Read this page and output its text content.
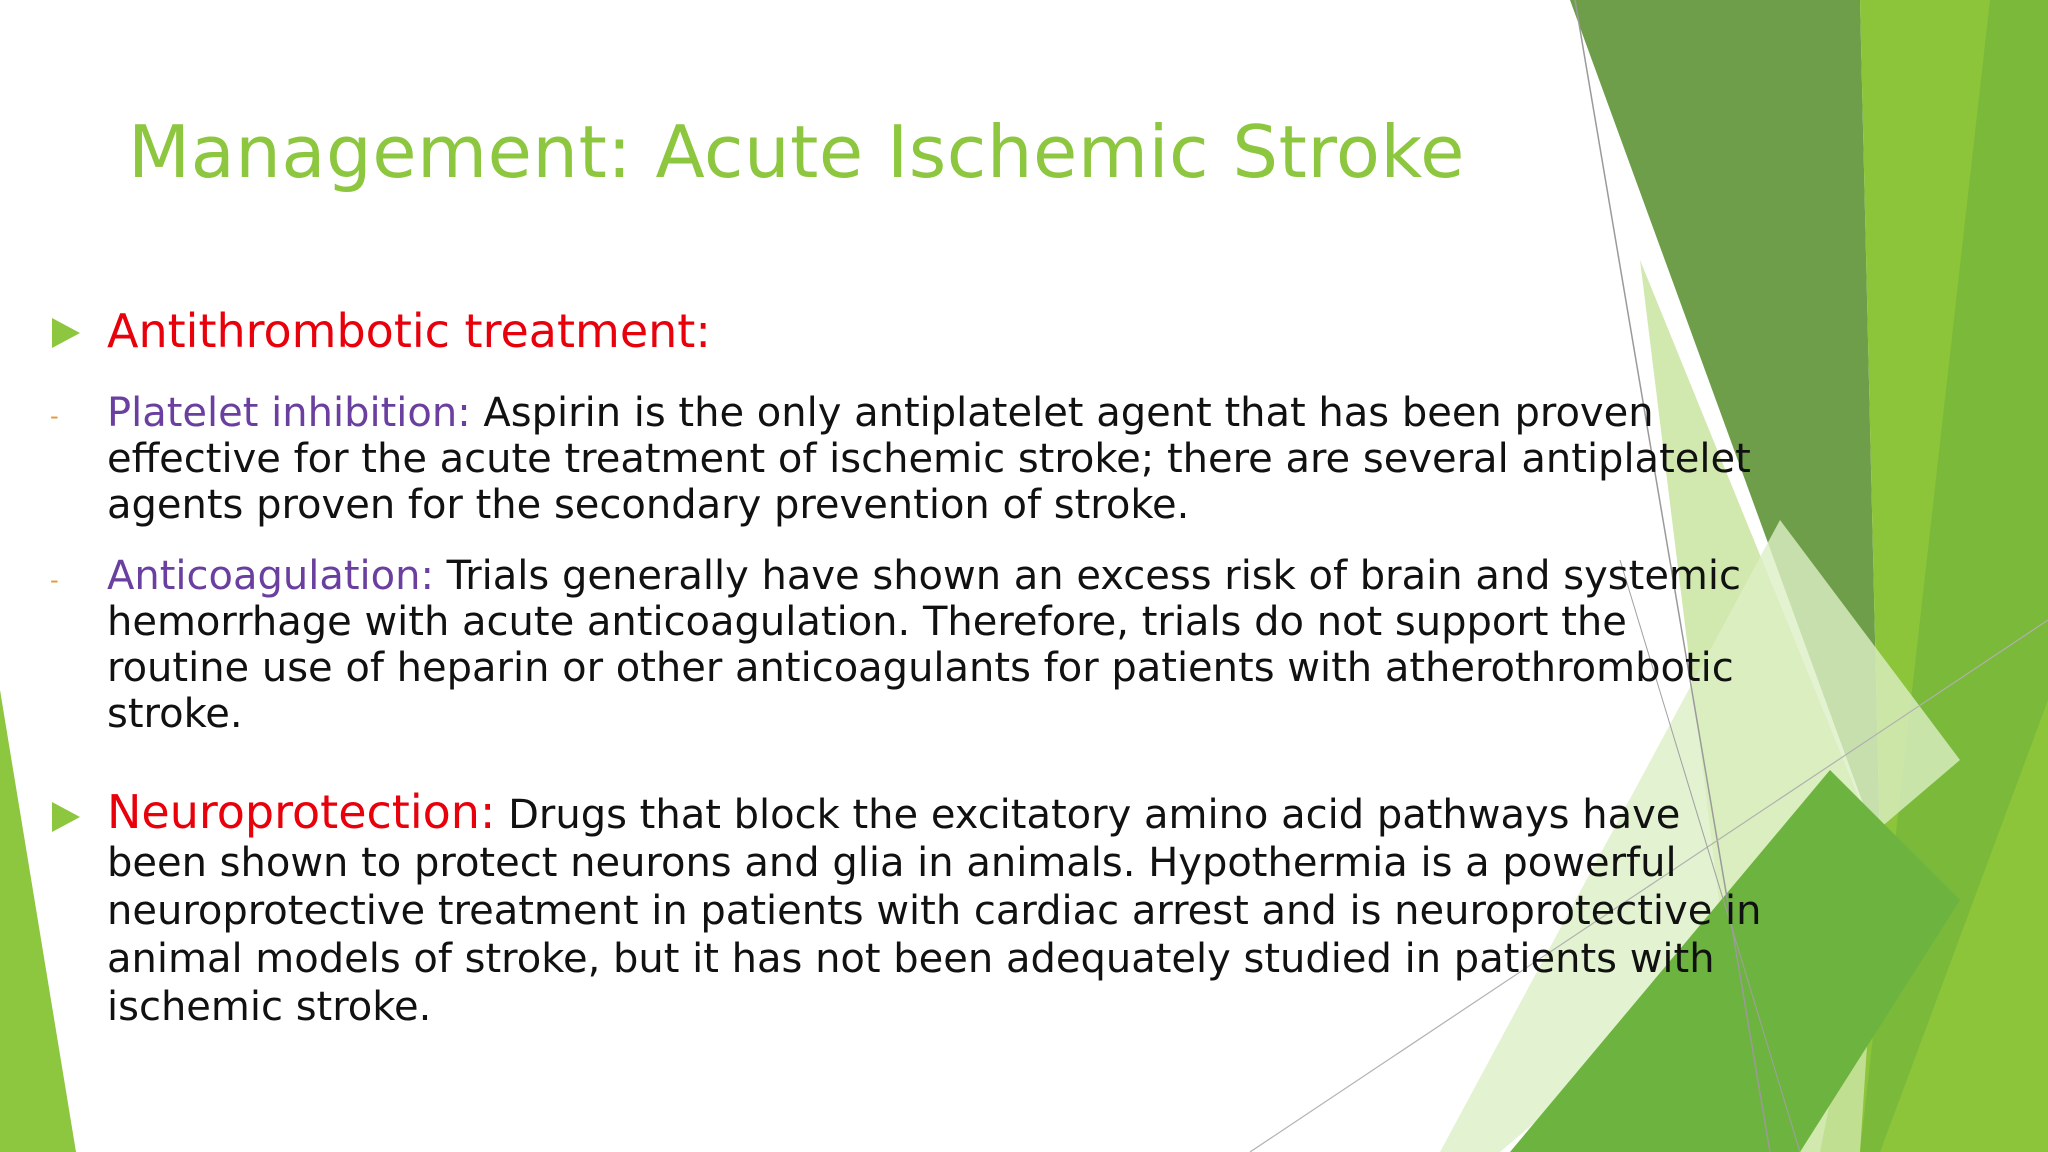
Management: Acute Ischemic Stroke
Antithrombotic treatment:
- Platelet inhibition: Aspirin is the only antiplatelet agent that has been proven effective for the acute treatment of ischemic stroke; there are several antiplatelet agents proven for the secondary prevention of stroke.

- Anticoagulation: Trials generally have shown an excess risk of brain and systemic hemorrhage with acute anticoagulation. Therefore, trials do not support the routine use of heparin or other anticoagulants for patients with atherothrombotic stroke.

Neuroprotection: Drugs that block the excitatory amino acid pathways have been shown to protect neurons and glia in animals. Hypothermia is a powerful neuroprotective treatment in patients with cardiac arrest and is neuroprotective in animal models of stroke, but it has not been adequately studied in patients with ischemic stroke.
